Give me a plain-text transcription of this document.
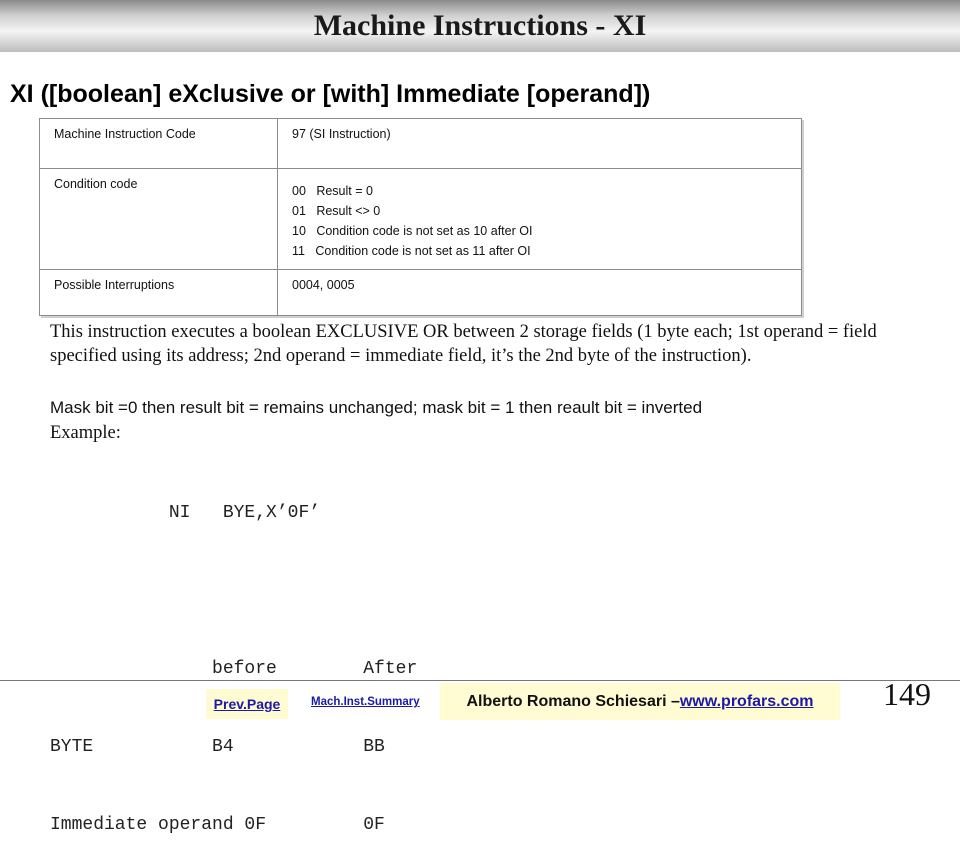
Machine Instructions - XI
XI ([boolean] eXclusive or [with] Immediate [operand])
Machine Instruction Code	97 (SI Instruction)
Condition code	00   Result = 0
01   Result <> 0
10   Condition code is not set as 10 after OI
11   Condition code is not set as 11 after OI

Possible Interruptions	0004, 0005

This instruction executes a boolean EXCLUSIVE OR between 2 storage fields (1 byte each; 1st operand = field specified using its address; 2nd operand = immediate field, it’s the 2nd byte of the instruction).

Mask bit =0 then result bit = remains unchanged; mask bit = 1 then reault bit = inverted
Example:

NI   BYE,X’0F’

before        After

BYTE           B4            BB

Immediate operand 0F         0F

Prev.Page	Mach.Inst.Summary	Alberto Romano Schiesari – www.profars.com	149
